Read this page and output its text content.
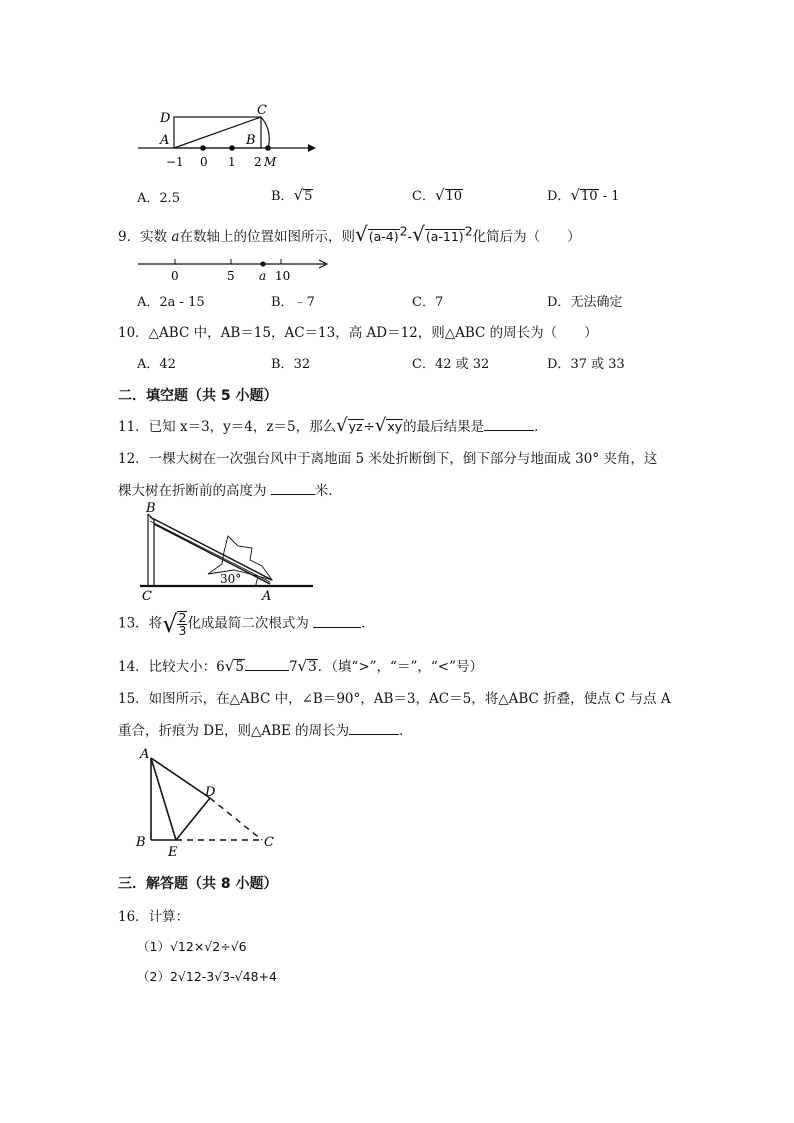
D
C
A	B
−1 0 1 2 M
A．2.5	B．√5	C．√10	D．√10 - 1
9．实数 a在数轴上的位置如图所示，则$√(a-4)^2-√(a-11)^2$化简后为（　　）
0	5 a 10
A．2a - 15	B．﹣7	C．7	D．无法确定
10．△ABC 中，AB＝15，AC＝13，高 AD＝12，则△ABC 的周长为（　　）
A．42	B．32	C．42 或 32	D．37 或 33
二．填空题（共 5 小题）
11．已知 x＝3，y＝4，z＝5，那么√yz÷√xy的最后结果是	．
12．一棵大树在一次强台风中于离地面 5 米处折断倒下，倒下部分与地面成 30° 夹角，这
棵大树在折断前的高度为	米．
30°
B
C	A
13．将√ $\frac{2}{3}$ 化成最简二次根式为	．
14．比较大小：6√5	7√3．（填“>”，“＝”，“<”号）
15．如图所示，在△ABC 中，∠B＝90°，AB＝3，AC＝5，将△ABC 折叠，使点 C 与点 A
重合，折痕为 DE，则△ABE 的周长为	．
A
B
E
D
C
三．解答题（共 8 小题）
16．计算：
（1）√12×√2÷√6
（2）2√12-3√3-√48+4
